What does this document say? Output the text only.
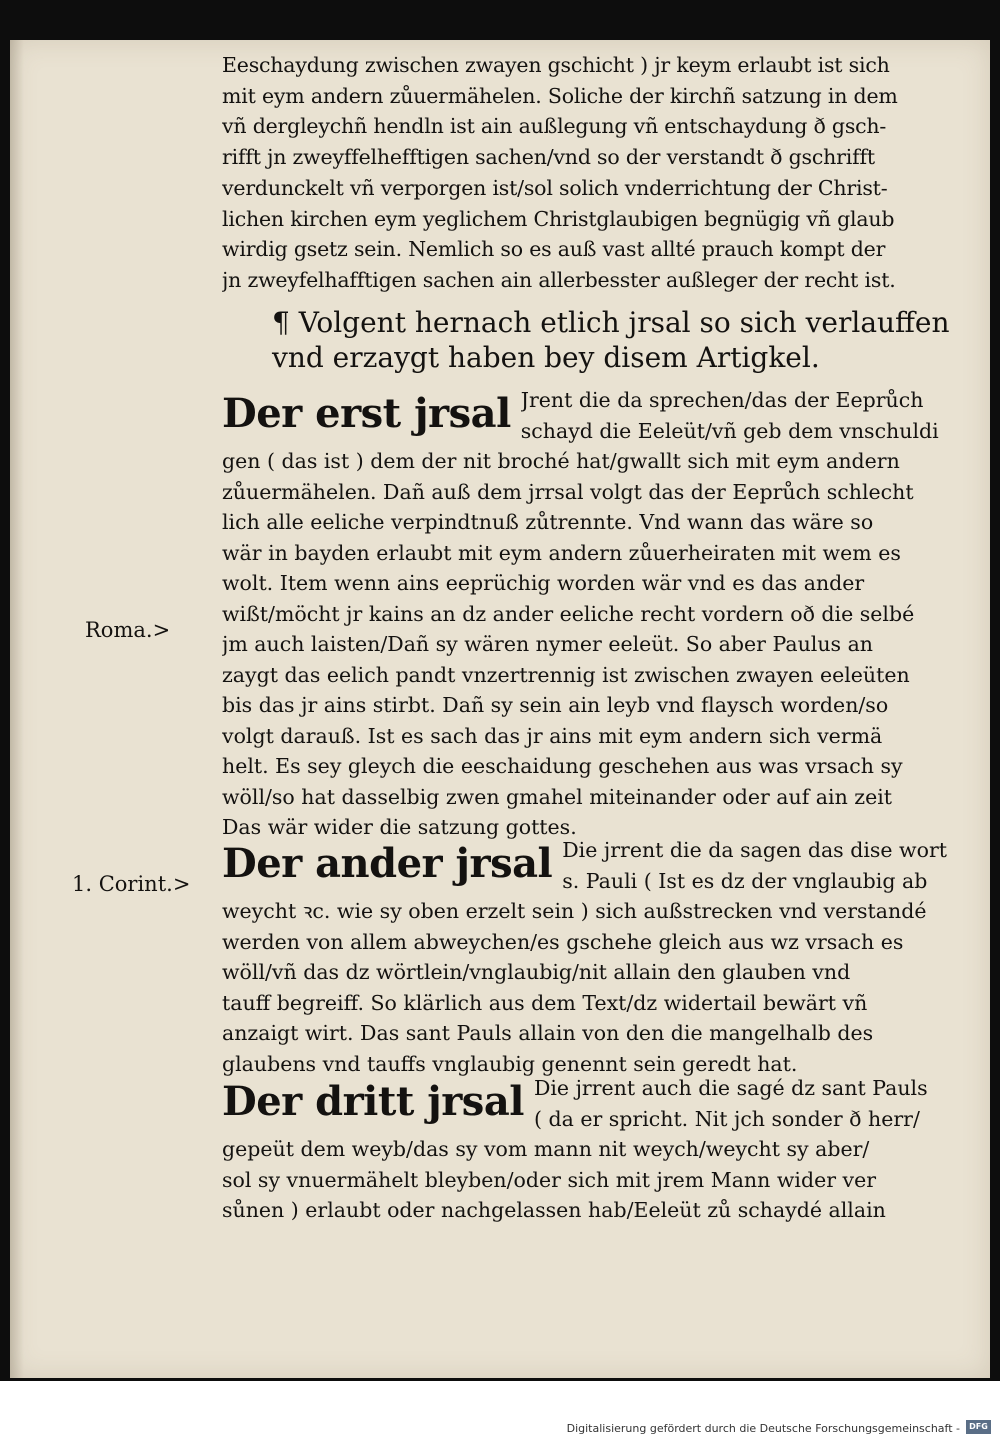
Eeschaydung zwischen zwayen gschicht ) jr keym erlaubt ist sich
mit eym andern zůuermähelen. Soliche der kirchñ satzung in dem
vñ dergleychñ hendln ist ain außlegung vñ entschaydung ð gsch-
rifft jn zweyffelhefftigen sachen/vnd so der verstandt ð gschrifft
verdunckelt vñ verporgen ist/sol solich vnderrichtung der Christ-
lichen kirchen eym yeglichem Christglaubigen begnügig vñ glaub
wirdig gsetz sein. Nemlich so es auß vast allté prauch kompt der
jn zweyfelhafftigen sachen ain allerbesster außleger der recht ist.
¶ Volgent hernach etlich jrsal so sich verlauffen vnd erzaygt haben bey disem Artigkel.
Der erst jrsal Jrent die da sprechen/das der Eeprůch
schayd die Eeleüt/vñ geb dem vnschuldi
gen ( das ist ) dem der nit broché hat/gwallt sich mit eym andern
zůuermähelen. Dañ auß dem jrrsal volgt das der Eeprůch schlecht
lich alle eeliche verpindtnuß zůtrennte. Vnd wann das wäre so
wär in bayden erlaubt mit eym andern zůuerheiraten mit wem es
wolt. Item wenn ains eeprüchig worden wär vnd es das ander
wißt/möcht jr kains an dz ander eeliche recht vordern oð die selbé
jm auch laisten/Dañ sy wären nymer eeleüt. So aber Paulus an
zaygt das eelich pandt vnzertrennig ist zwischen zwayen eeleüten
bis das jr ains stirbt. Dañ sy sein ain leyb vnd flaysch worden/so
volgt darauß. Ist es sach das jr ains mit eym andern sich vermä
helt. Es sey gleych die eeschaidung geschehen aus was vrsach sy
wöll/so hat dasselbig zwen gmahel miteinander oder auf ain zeit
Das wär wider die satzung gottes.
Roma.>
Der ander jrsal Die jrrent die da sagen das dise wort
s. Pauli ( Ist es dz der vnglaubig ab
weycht ꝛc. wie sy oben erzelt sein ) sich außstrecken vnd verstandé
werden von allem abweychen/es gschehe gleich aus wz vrsach es
wöll/vñ das dz wörtlein/vnglaubig/nit allain den glauben vnd
tauff begreiff. So klärlich aus dem Text/dz widertail bewärt vñ
anzaigt wirt. Das sant Pauls allain von den die mangelhalb des
glaubens vnd tauffs vnglaubig genennt sein geredt hat.
1. Corint.>
Der dritt jrsal Die jrrent auch die sagé dz sant Pauls
( da er spricht. Nit jch sonder ð herr/
gepeüt dem weyb/das sy vom mann nit weych/weycht sy aber/
sol sy vnuermähelt bleyben/oder sich mit jrem Mann wider ver
sůnen ) erlaubt oder nachgelassen hab/Eeleüt zů schaydé allain
Digitalisierung gefördert durch die Deutsche Forschungsgemeinschaft -	DFG
